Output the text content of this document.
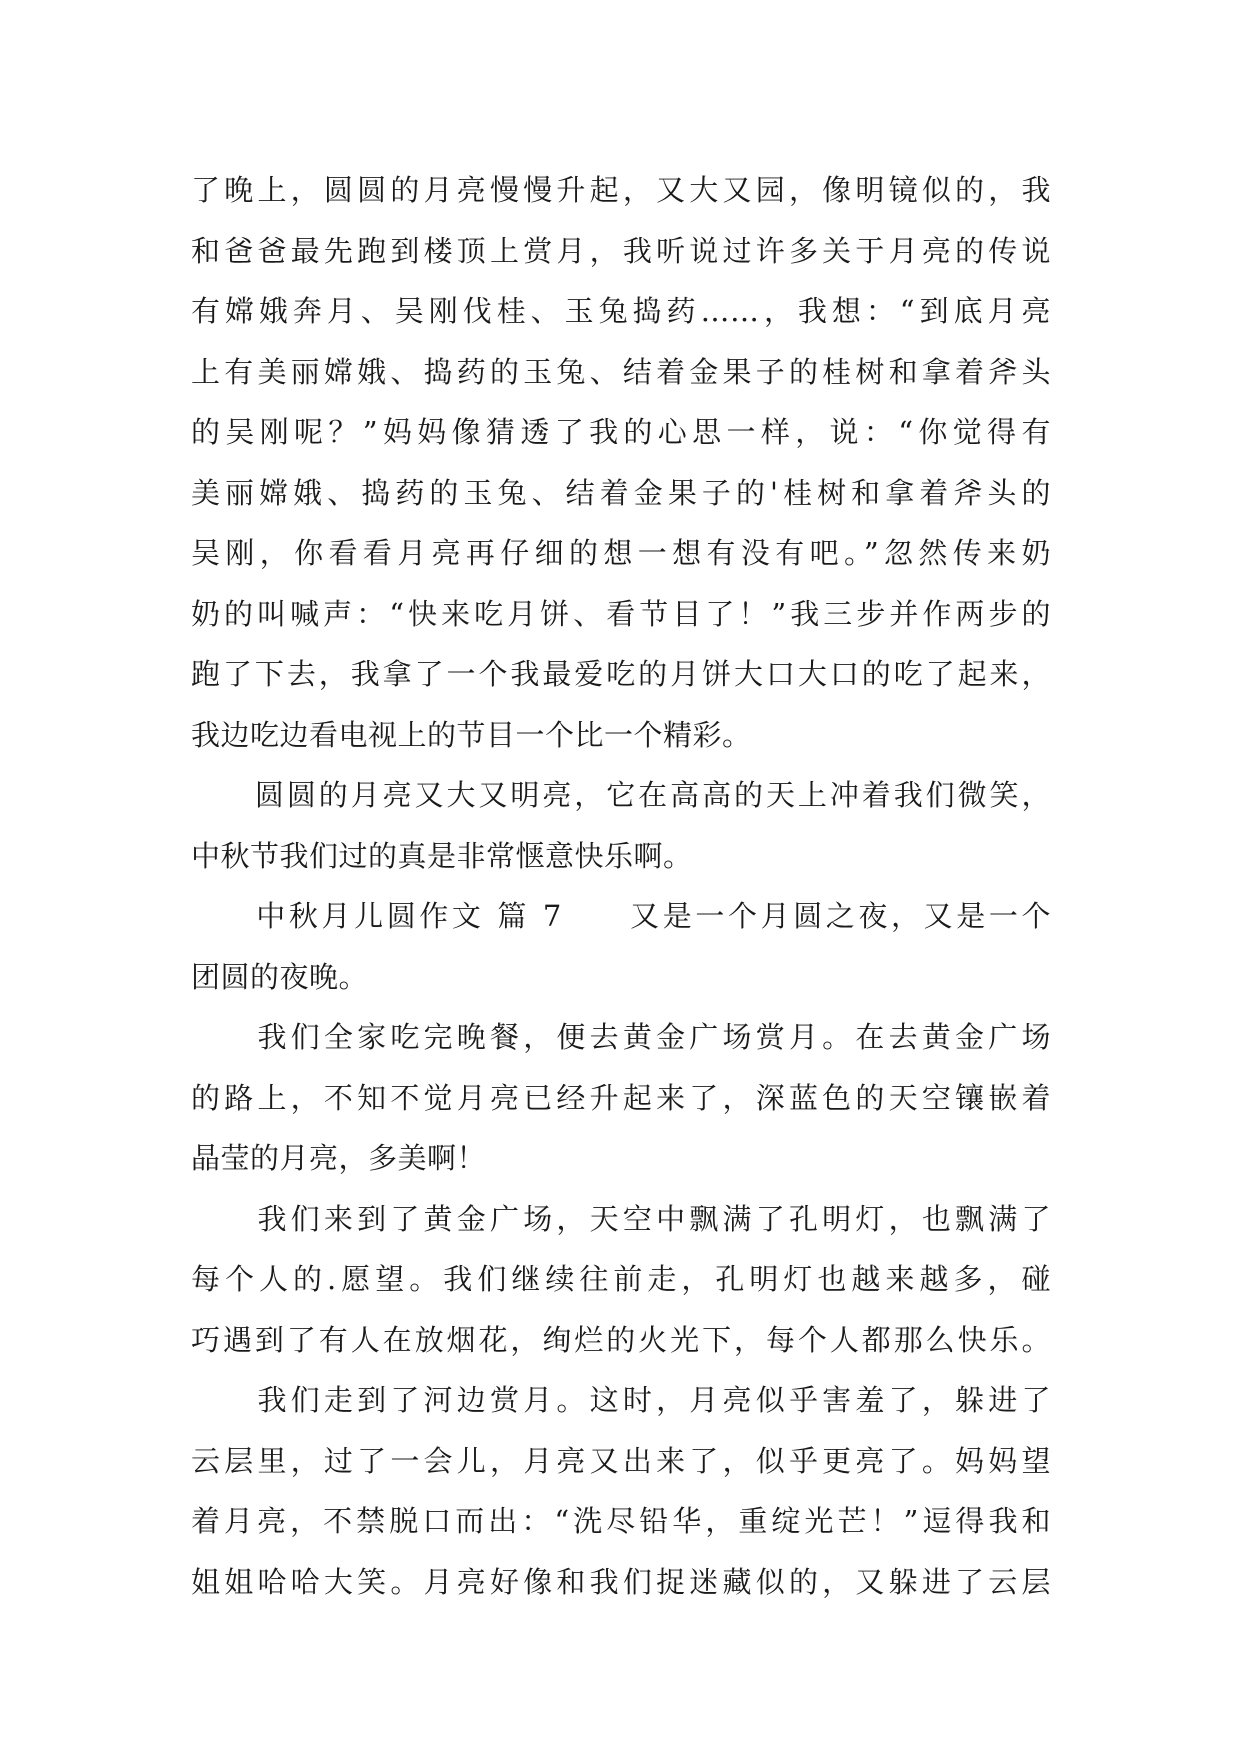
了晚上，圆圆的月亮慢慢升起，又大又园，像明镜似的，我
和爸爸最先跑到楼顶上赏月，我听说过许多关于月亮的传说
有嫦娥奔月、吴刚伐桂、玉兔捣药……，我想：“到底月亮
上有美丽嫦娥、捣药的玉兔、结着金果子的桂树和拿着斧头
的吴刚呢？”妈妈像猜透了我的心思一样，说：“你觉得有
美丽嫦娥、捣药的玉兔、结着金果子的'桂树和拿着斧头的
吴刚，你看看月亮再仔细的想一想有没有吧。”忽然传来奶
奶的叫喊声：“快来吃月饼、看节目了！”我三步并作两步的
跑了下去，我拿了一个我最爱吃的月饼大口大口的吃了起来，
我边吃边看电视上的节目一个比一个精彩。
　　圆圆的月亮又大又明亮，它在高高的天上冲着我们微笑，
中秋节我们过的真是非常惬意快乐啊。
　　中秋月儿圆作文 篇 7　　又是一个月圆之夜，又是一个
团圆的夜晚。
　　我们全家吃完晚餐，便去黄金广场赏月。在去黄金广场
的路上，不知不觉月亮已经升起来了，深蓝色的天空镶嵌着
晶莹的月亮，多美啊！
　　我们来到了黄金广场，天空中飘满了孔明灯，也飘满了
每个人的.愿望。我们继续往前走，孔明灯也越来越多，碰
巧遇到了有人在放烟花，绚烂的火光下，每个人都那么快乐。
　　我们走到了河边赏月。这时，月亮似乎害羞了，躲进了
云层里，过了一会儿，月亮又出来了，似乎更亮了。妈妈望
着月亮，不禁脱口而出：“洗尽铅华，重绽光芒！”逗得我和
姐姐哈哈大笑。月亮好像和我们捉迷藏似的，又躲进了云层
